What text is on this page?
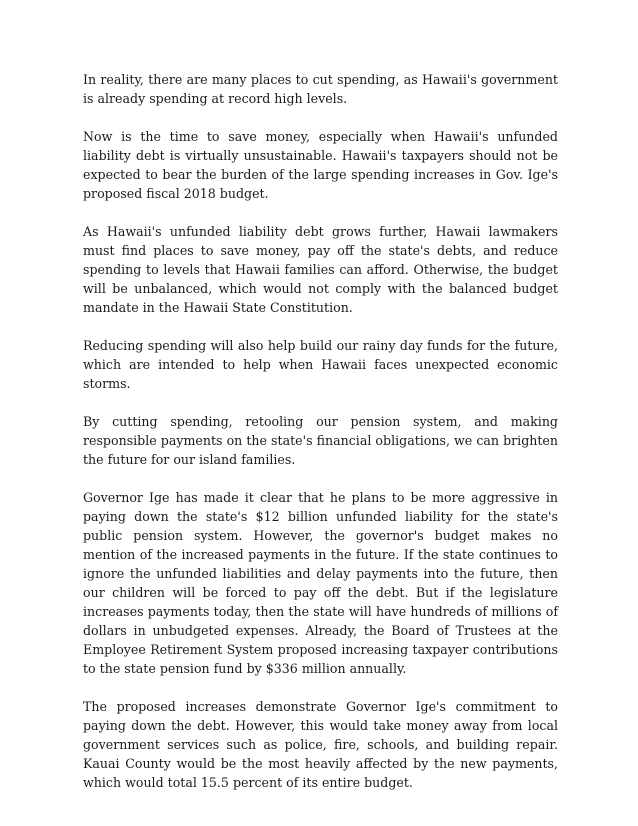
In reality, there are many places to cut spending, as Hawaii's government is already spending at record high levels.

Now is the time to save money, especially when Hawaii's unfunded liability debt is virtually unsustainable. Hawaii's taxpayers should not be expected to bear the burden of the large spending increases in Gov. Ige's proposed fiscal 2018 budget.

As Hawaii's unfunded liability debt grows further, Hawaii lawmakers must find places to save money, pay off the state's debts, and reduce spending to levels that Hawaii families can afford. Otherwise, the budget will be unbalanced, which would not comply with the balanced budget mandate in the Hawaii State Constitution.

Reducing spending will also help build our rainy day funds for the future, which are intended to help when Hawaii faces unexpected economic storms.

By cutting spending, retooling our pension system, and making responsible payments on the state's financial obligations, we can brighten the future for our island families.

Governor Ige has made it clear that he plans to be more aggressive in paying down the state's $12 billion unfunded liability for the state's public pension system. However, the governor's budget makes no mention of the increased payments in the future. If the state continues to ignore the unfunded liabilities and delay payments into the future, then our children will be forced to pay off the debt. But if the legislature increases payments today, then the state will have hundreds of millions of dollars in unbudgeted expenses. Already, the Board of Trustees at the Employee Retirement System proposed increasing taxpayer contributions to the state pension fund by $336 million annually.

The proposed increases demonstrate Governor Ige's commitment to paying down the debt. However, this would take money away from local government services such as police, fire, schools, and building repair. Kauai County would be the most heavily affected by the new payments, which would total 15.5 percent of its entire budget.
